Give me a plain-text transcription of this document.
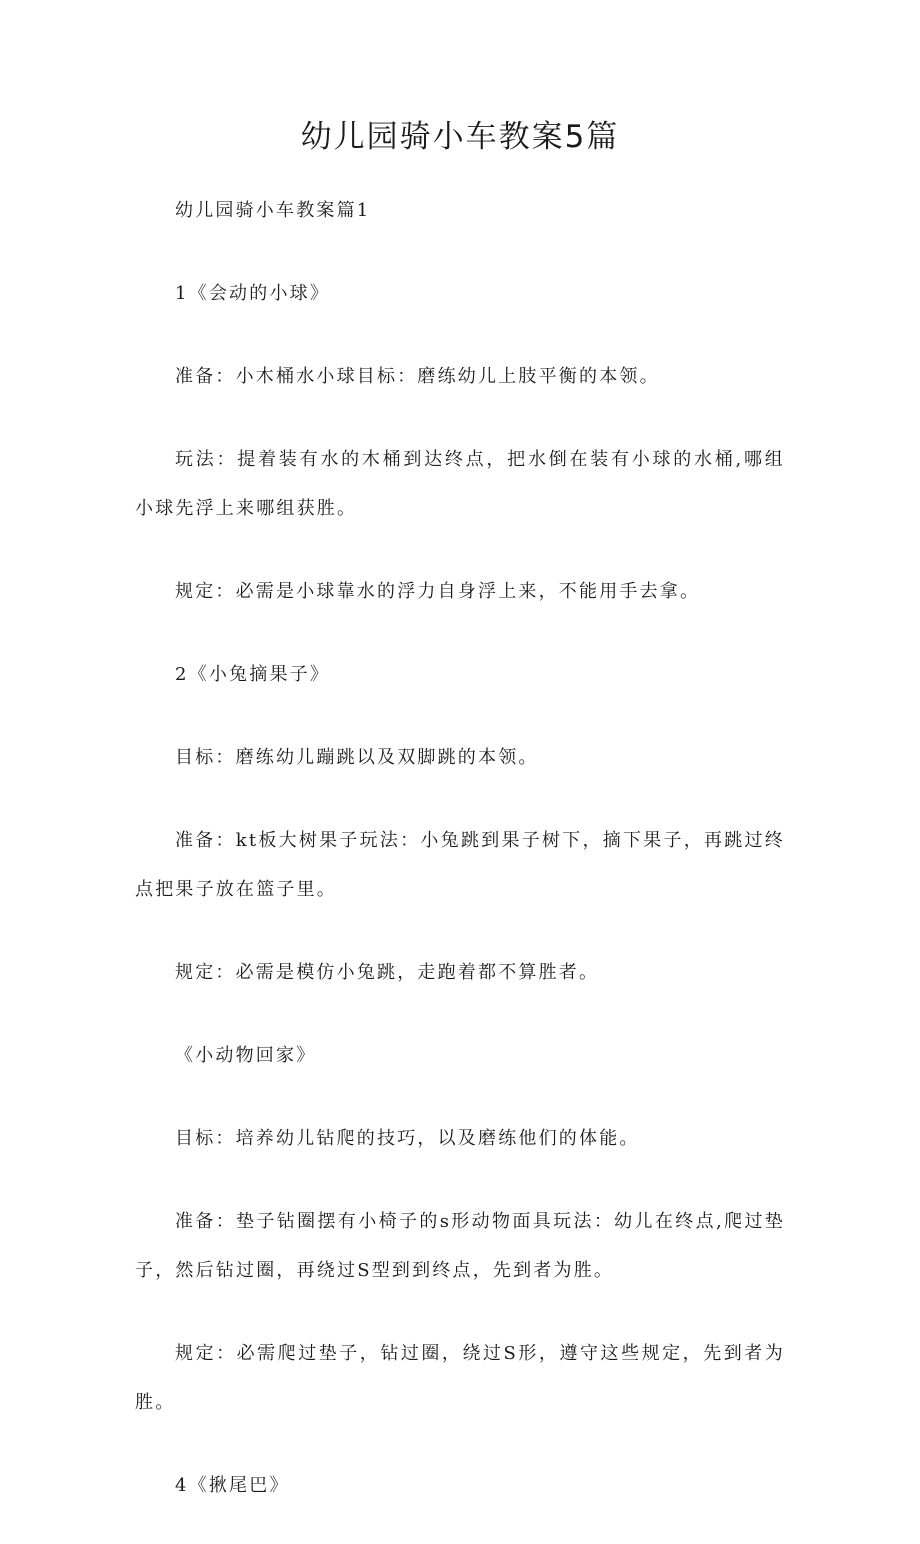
幼儿园骑小车教案5篇

幼儿园骑小车教案篇1

1《会动的小球》

准备：小木桶水小球目标：磨练幼儿上肢平衡的本领。

玩法：提着装有水的木桶到达终点，把水倒在装有小球的水桶,哪组小球先浮上来哪组获胜。

规定：必需是小球靠水的浮力自身浮上来，不能用手去拿。

2《小兔摘果子》

目标：磨练幼儿蹦跳以及双脚跳的本领。

准备：kt板大树果子玩法：小兔跳到果子树下，摘下果子，再跳过终点把果子放在篮子里。

规定：必需是模仿小兔跳，走跑着都不算胜者。

《小动物回家》

目标：培养幼儿钻爬的技巧，以及磨练他们的体能。

准备：垫子钻圈摆有小椅子的s形动物面具玩法：幼儿在终点,爬过垫子，然后钻过圈，再绕过S型到到终点，先到者为胜。

规定：必需爬过垫子，钻过圈，绕过S形，遵守这些规定，先到者为胜。

4《揪尾巴》
